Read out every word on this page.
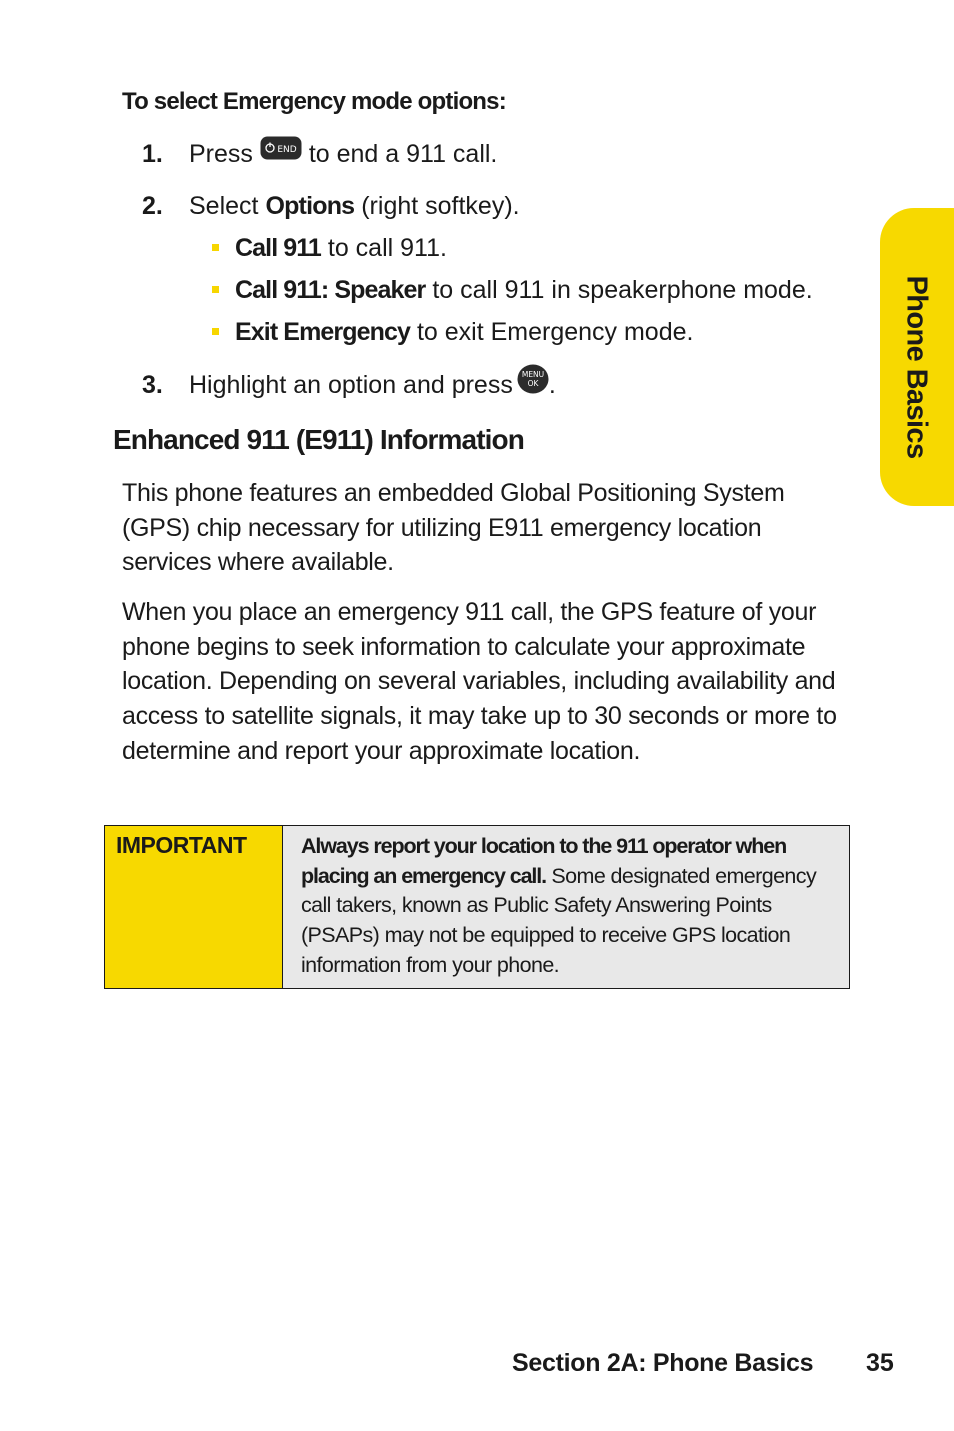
To select Emergency mode options:
1. Press	END to end a 911 call.
2. Select Options (right softkey).
Call 911 to call 911.
Call 911: Speaker to call 911 in speakerphone mode.
Exit Emergency to exit Emergency mode.
3. Highlight an option and press MENU
OK .
Enhanced 911 (E911) Information
This phone features an embedded Global Positioning System (GPS) chip necessary for utilizing E911 emergency location services where available.
When you place an emergency 911 call, the GPS feature of your phone begins to seek information to calculate your approximate location. Depending on several variables, including availability and access to satellite signals, it may take up to 30 seconds or more to determine and report your approximate location.
IMPORTANT	Always report your location to the 911 operator when placing an emergency call. Some designated emergency call takers, known as Public Safety Answering Points (PSAPs) may not be equipped to receive GPS location information from your phone.
Phone Basics
Section 2A: Phone Basics 35
